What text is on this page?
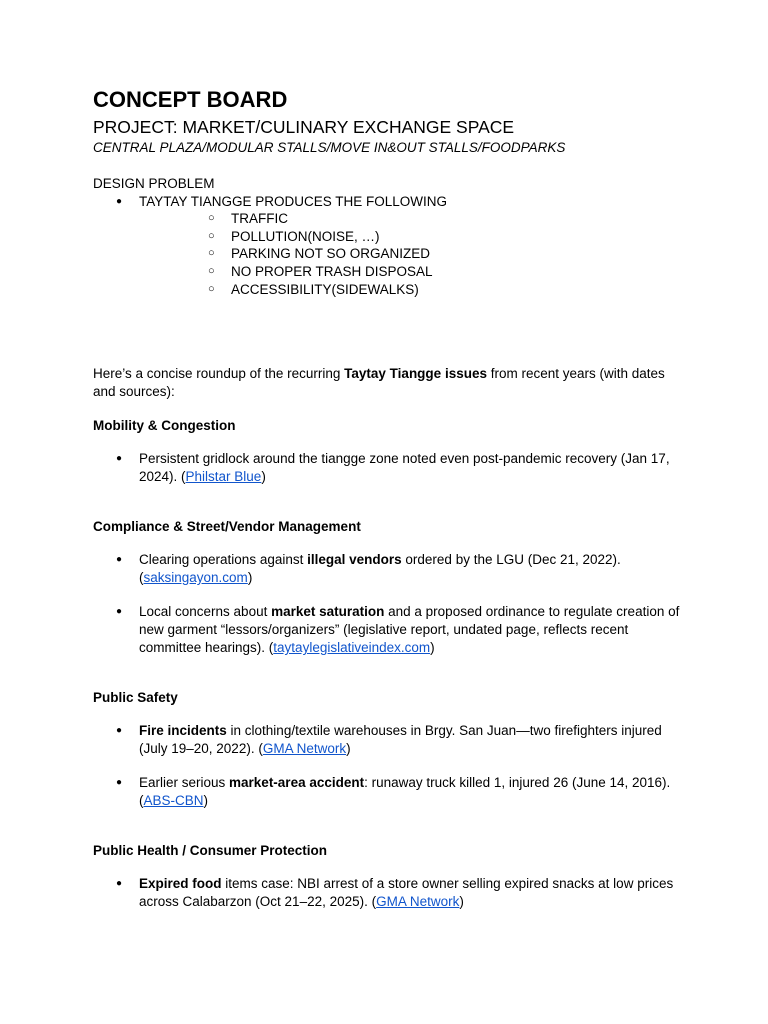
CONCEPT BOARD
PROJECT: MARKET/CULINARY EXCHANGE SPACE
CENTRAL PLAZA/MODULAR STALLS/MOVE IN&OUT STALLS/FOODPARKS
DESIGN PROBLEM
● TAYTAY TIANGGE PRODUCES THE FOLLOWING
○ TRAFFIC
○ POLLUTION(NOISE, …)
○ PARKING NOT SO ORGANIZED
○ NO PROPER TRASH DISPOSAL
○ ACCESSIBILITY(SIDEWALKS)
Here’s a concise roundup of the recurring Taytay Tiangge issues from recent years (with dates and sources):
Mobility & Congestion
● Persistent gridlock around the tiangge zone noted even post-pandemic recovery (Jan 17, 2024). (Philstar Blue)
Compliance & Street/Vendor Management
● Clearing operations against illegal vendors ordered by the LGU (Dec 21, 2022). (saksingayon.com)
● Local concerns about market saturation and a proposed ordinance to regulate creation of new garment “lessors/organizers” (legislative report, undated page, reflects recent committee hearings). (taytaylegislativeindex.com)
Public Safety
● Fire incidents in clothing/textile warehouses in Brgy. San Juan—two firefighters injured (July 19–20, 2022). (GMA Network)
● Earlier serious market-area accident: runaway truck killed 1, injured 26 (June 14, 2016). (ABS-CBN)
Public Health / Consumer Protection
● Expired food items case: NBI arrest of a store owner selling expired snacks at low prices across Calabarzon (Oct 21–22, 2025). (GMA Network)
